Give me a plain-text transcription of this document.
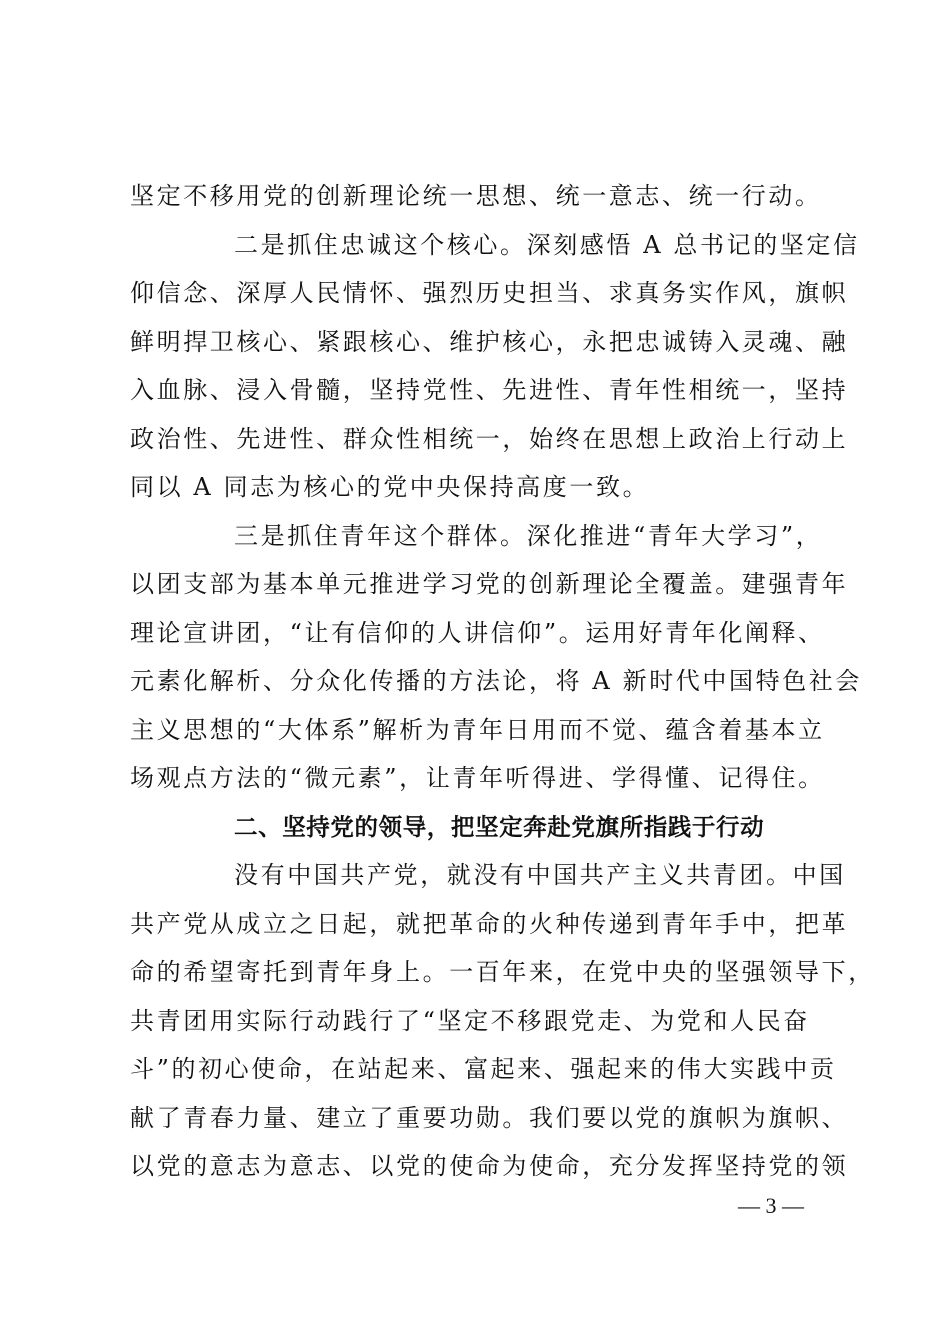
坚定不移用党的创新理论统一思想、统一意志、统一行动。

二是抓住忠诚这个核心。深刻感悟 A 总书记的坚定信
仰信念、深厚人民情怀、强烈历史担当、求真务实作风，旗帜
鲜明捍卫核心、紧跟核心、维护核心，永把忠诚铸入灵魂、融
入血脉、浸入骨髓，坚持党性、先进性、青年性相统一，坚持
政治性、先进性、群众性相统一，始终在思想上政治上行动上
同以 A 同志为核心的党中央保持高度一致。

三是抓住青年这个群体。深化推进“青年大学习”，
以团支部为基本单元推进学习党的创新理论全覆盖。建强青年
理论宣讲团，“让有信仰的人讲信仰”。运用好青年化阐释、
元素化解析、分众化传播的方法论，将 A 新时代中国特色社会
主义思想的“大体系”解析为青年日用而不觉、蕴含着基本立
场观点方法的“微元素”，让青年听得进、学得懂、记得住。

二、坚持党的领导，把坚定奔赴党旗所指践于行动

没有中国共产党，就没有中国共产主义共青团。中国
共产党从成立之日起，就把革命的火种传递到青年手中，把革
命的希望寄托到青年身上。一百年来，在党中央的坚强领导下，
共青团用实际行动践行了“坚定不移跟党走、为党和人民奋
斗”的初心使命，在站起来、富起来、强起来的伟大实践中贡
献了青春力量、建立了重要功勋。我们要以党的旗帜为旗帜、
以党的意志为意志、以党的使命为使命，充分发挥坚持党的领

— 3 —
